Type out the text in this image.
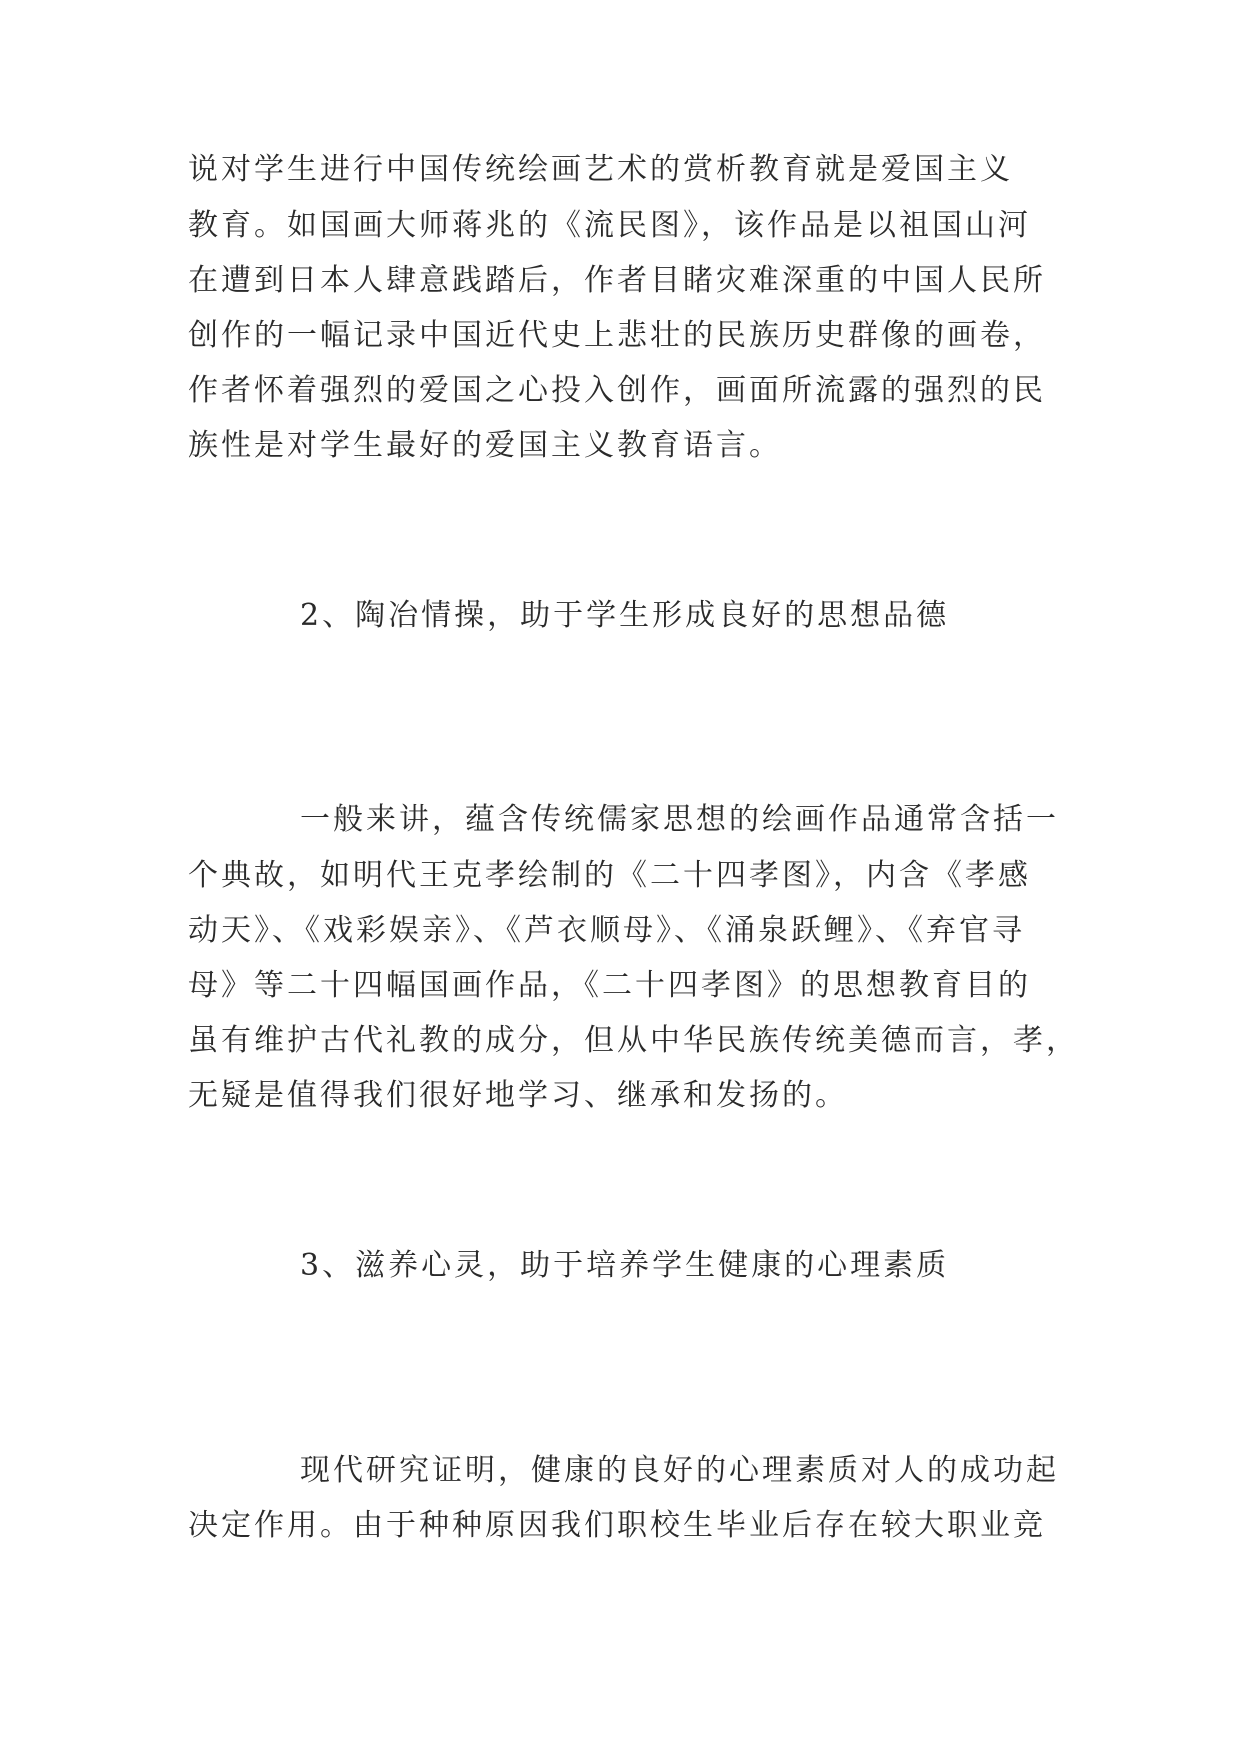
说对学生进行中国传统绘画艺术的赏析教育就是爱国主义
教育。如国画大师蒋兆的《流民图》，该作品是以祖国山河
在遭到日本人肆意践踏后，作者目睹灾难深重的中国人民所
创作的一幅记录中国近代史上悲壮的民族历史群像的画卷，
作者怀着强烈的爱国之心投入创作，画面所流露的强烈的民
族性是对学生最好的爱国主义教育语言。
2、陶冶情操，助于学生形成良好的思想品德
一般来讲，蕴含传统儒家思想的绘画作品通常含括一
个典故，如明代王克孝绘制的《二十四孝图》，内含《孝感
动天》、《戏彩娱亲》、《芦衣顺母》、《涌泉跃鲤》、《弃官寻
母》等二十四幅国画作品，《二十四孝图》的思想教育目的
虽有维护古代礼教的成分，但从中华民族传统美德而言，孝，
无疑是值得我们很好地学习、继承和发扬的。
3、滋养心灵，助于培养学生健康的心理素质
现代研究证明，健康的良好的心理素质对人的成功起
决定作用。由于种种原因我们职校生毕业后存在较大职业竞
